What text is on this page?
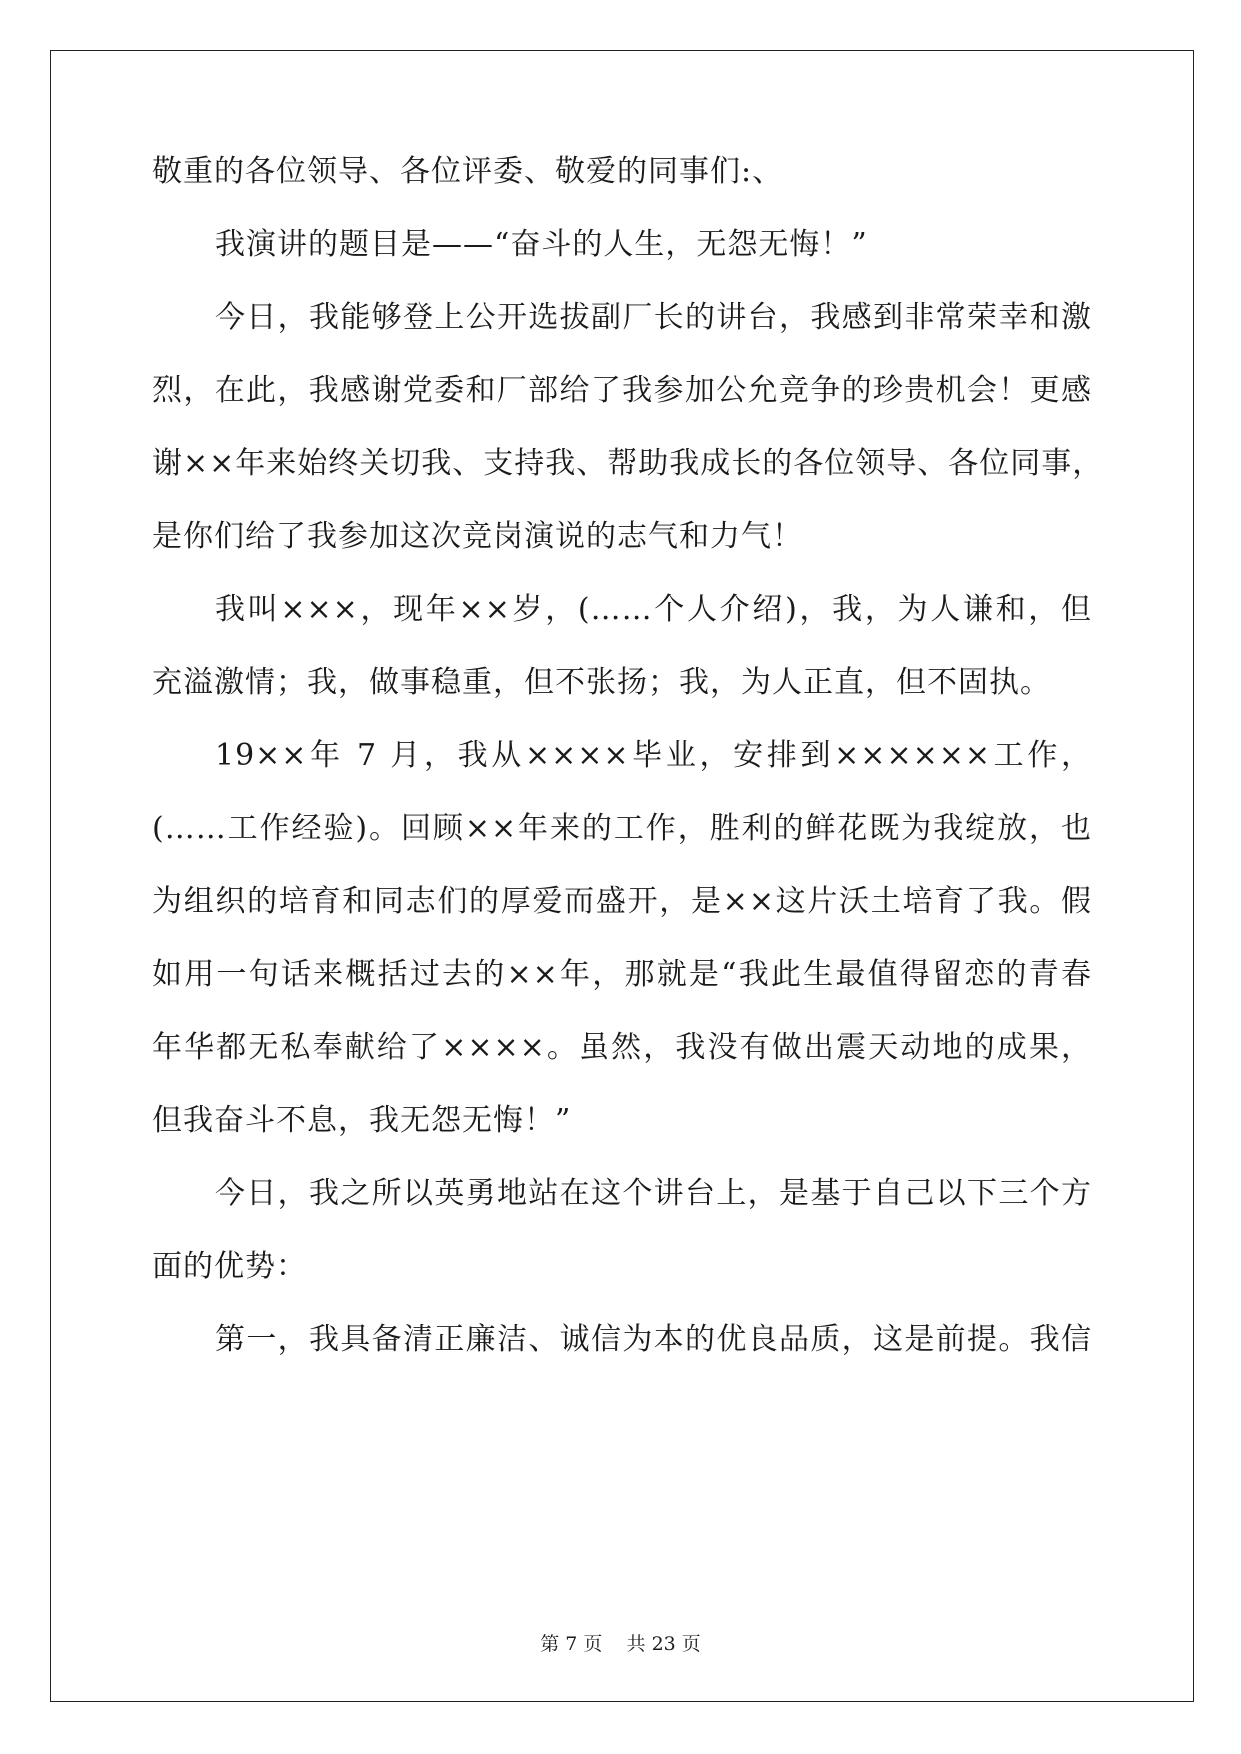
敬重的各位领导、各位评委、敬爱的同事们:、
我演讲的题目是——“奋斗的人生，无怨无悔！”
今日，我能够登上公开选拔副厂长的讲台，我感到非常荣幸和激
烈，在此，我感谢党委和厂部给了我参加公允竞争的珍贵机会！更感
谢××年来始终关切我、支持我、帮助我成长的各位领导、各位同事，
是你们给了我参加这次竞岗演说的志气和力气！
我叫×××，现年××岁，(……个人介绍)，我，为人谦和，但
充溢激情；我，做事稳重，但不张扬；我，为人正直，但不固执。
19××年 7 月，我从××××毕业，安排到××××××工作，
(……工作经验)。回顾××年来的工作，胜利的鲜花既为我绽放，也
为组织的培育和同志们的厚爱而盛开，是××这片沃土培育了我。假
如用一句话来概括过去的××年，那就是“我此生最值得留恋的青春
年华都无私奉献给了××××。虽然，我没有做出震天动地的成果，
但我奋斗不息，我无怨无悔！”
今日，我之所以英勇地站在这个讲台上，是基于自己以下三个方
面的优势：
第一，我具备清正廉洁、诚信为本的优良品质，这是前提。我信
第 7 页 共 23 页
